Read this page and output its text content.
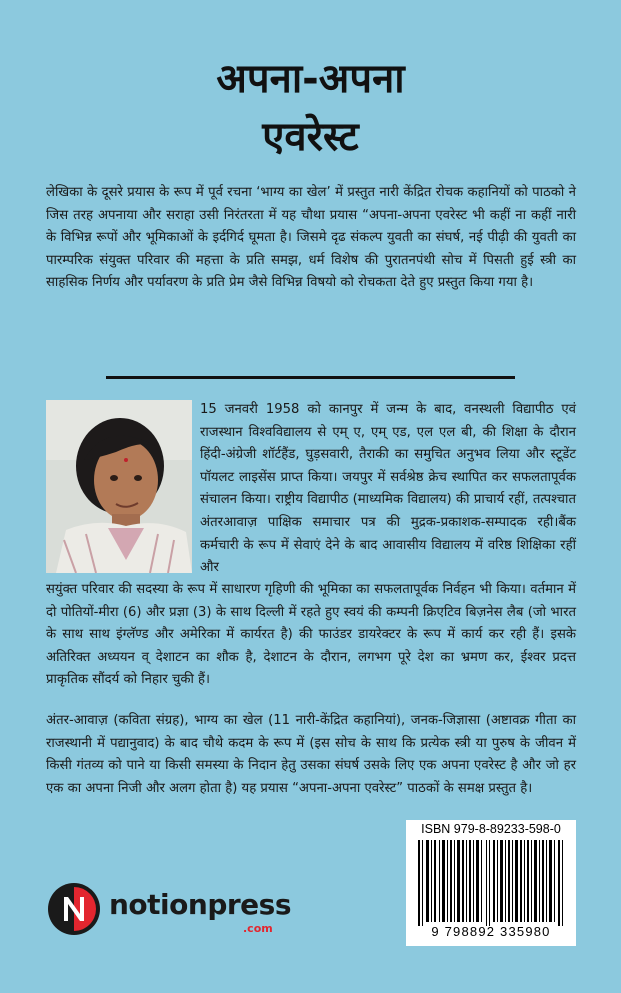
अपना-अपना
एवरेस्ट

लेखिका के दूसरे प्रयास के रूप में पूर्व रचना ‘भाग्य का खेल’ में प्रस्तुत नारी केंद्रित रोचक कहानियों को पाठको ने जिस तरह अपनाया और सराहा उसी निरंतरता में यह चौथा प्रयास “अपना-अपना एवरेस्ट भी कहीं ना कहीं नारी के विभिन्न रूपों और भूमिकाओं के इर्दगिर्द घूमता है। जिसमे दृढ संकल्प युवती का संघर्ष, नई पीढ़ी की युवती का पारम्परिक संयुक्त परिवार की महत्ता के प्रति समझ, धर्म विशेष की पुरातनपंथी सोच में पिसती हुई स्त्री का साहसिक निर्णय और पर्यावरण के प्रति प्रेम जैसे विभिन्न विषयो को रोचकता देते हुए प्रस्तुत किया गया है।

15 जनवरी 1958 को कानपुर में जन्म के बाद, वनस्थली विद्यापीठ एवं राजस्थान विश्वविद्यालय से एम् ए, एम् एड, एल एल बी, की शिक्षा के दौरान हिंदी-अंग्रेजी शॉर्टहैंड, घुड़सवारी, तैराकी का समुचित अनुभव लिया और स्टूडेंट पॉयलट लाइसेंस प्राप्त किया। जयपुर में सर्वश्रेष्ठ क्रेच स्थापित कर सफलतापूर्वक संचालन किया। राष्ट्रीय विद्यापीठ (माध्यमिक विद्यालय) की प्राचार्य रहीं, तत्पश्चात अंतरआवाज़ पाक्षिक समाचार पत्र की मुद्रक-प्रकाशक-सम्पादक रही।बैंक कर्मचारी के रूप में सेवाएं देने के बाद आवासीय विद्यालय में वरिष्ठ शिक्षिका रहीं और

सयुंक्त परिवार की सदस्या के रूप में साधारण गृहिणी की भूमिका का सफलतापूर्वक निर्वहन भी किया। वर्तमान में दो पोतियों-मीरा (6) और प्रज्ञा (3) के साथ दिल्ली में रहते हुए स्वयं की कम्पनी क्रिएटिव बिज़नेस लैब (जो भारत के साथ साथ इंग्लॅण्ड और अमेरिका में कार्यरत है) की फाउंडर डायरेक्टर के रूप में कार्य कर रही हैं। इसके अतिरिक्त अध्ययन व् देशाटन का शौक है, देशाटन के दौरान, लगभग पूरे देश का भ्रमण कर, ईश्वर प्रदत्त प्राकृतिक सौंदर्य को निहार चुकी हैं।

अंतर-आवाज़ (कविता संग्रह), भाग्य का खेल (11 नारी-केंद्रित कहानियां), जनक-जिज्ञासा (अष्टावक्र गीता का राजस्थानी में पद्यानुवाद) के बाद चौथे कदम के रूप में (इस सोच के साथ कि प्रत्येक स्त्री या पुरुष के जीवन में किसी गंतव्य को पाने या किसी समस्या के निदान हेतु उसका संघर्ष उसके लिए एक अपना एवरेस्ट है और जो हर एक का अपना निजी और अलग होता है) यह प्रयास “अपना-अपना एवरेस्ट” पाठकों के समक्ष प्रस्तुत है।

ISBN 979-8-89233-598-0
9 798892 335980
notionpress
.com
